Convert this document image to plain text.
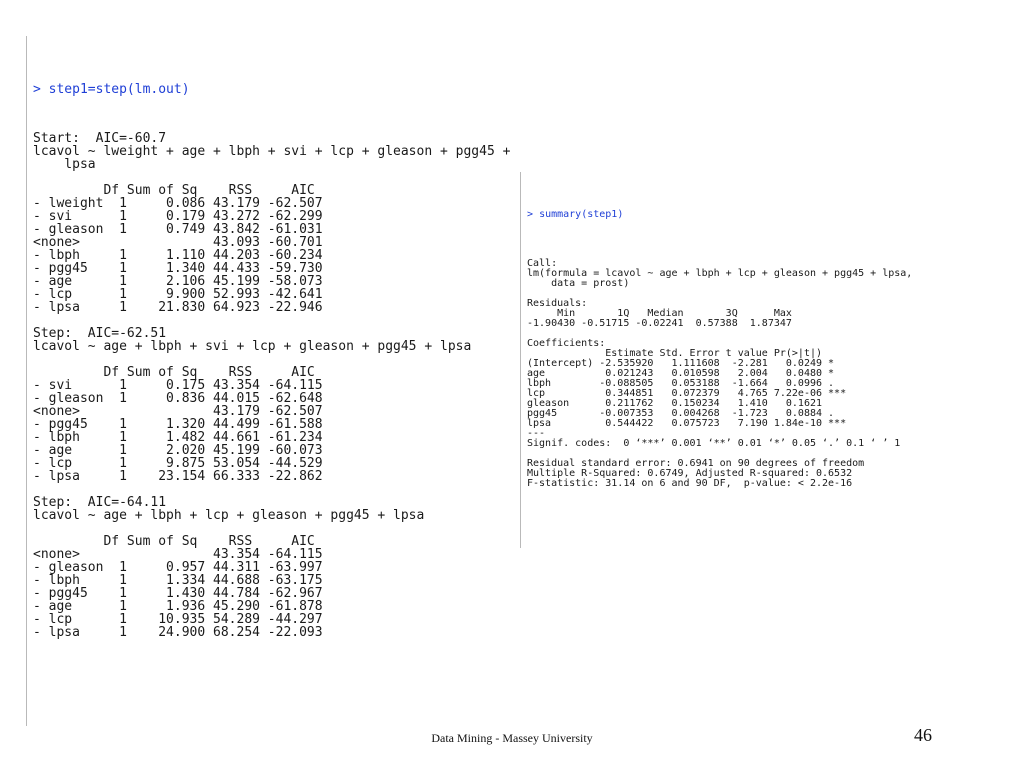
> step1=step(lm.out)

Start:  AIC=-60.7
lcavol ~ lweight + age + lbph + svi + lcp + gleason + pgg45 +
lpsa

Df Sum of Sq    RSS     AIC
- lweight  1     0.086 43.179 -62.507
- svi      1     0.179 43.272 -62.299
- gleason  1     0.749 43.842 -61.031
<none>                 43.093 -60.701
- lbph     1     1.110 44.203 -60.234
- pgg45    1     1.340 44.433 -59.730
- age      1     2.106 45.199 -58.073
- lcp      1     9.900 52.993 -42.641
- lpsa     1    21.830 64.923 -22.946

Step:  AIC=-62.51
lcavol ~ age + lbph + svi + lcp + gleason + pgg45 + lpsa

Df Sum of Sq    RSS     AIC
- svi      1     0.175 43.354 -64.115
- gleason  1     0.836 44.015 -62.648
<none>                 43.179 -62.507
- pgg45    1     1.320 44.499 -61.588
- lbph     1     1.482 44.661 -61.234
- age      1     2.020 45.199 -60.073
- lcp      1     9.875 53.054 -44.529
- lpsa     1    23.154 66.333 -22.862

Step:  AIC=-64.11
lcavol ~ age + lbph + lcp + gleason + pgg45 + lpsa

Df Sum of Sq    RSS     AIC
<none>                 43.354 -64.115
- gleason  1     0.957 44.311 -63.997
- lbph     1     1.334 44.688 -63.175
- pgg45    1     1.430 44.784 -62.967
- age      1     1.936 45.290 -61.878
- lcp      1    10.935 54.289 -44.297
- lpsa     1    24.900 68.254 -22.093

> summary(step1)

Call:
lm(formula = lcavol ~ age + lbph + lcp + gleason + pgg45 + lpsa,
data = prost)

Residuals:
Min       1Q   Median       3Q      Max
-1.90430 -0.51715 -0.02241  0.57388  1.87347

Coefficients:
Estimate Std. Error t value Pr(>|t|)
(Intercept) -2.535920   1.111608  -2.281   0.0249 *
age          0.021243   0.010598   2.004   0.0480 *
lbph        -0.088505   0.053188  -1.664   0.0996 .
lcp          0.344851   0.072379   4.765 7.22e-06 ***
gleason      0.211762   0.150234   1.410   0.1621
pgg45       -0.007353   0.004268  -1.723   0.0884 .
lpsa         0.544422   0.075723   7.190 1.84e-10 ***
---
Signif. codes:  0 ‘***’ 0.001 ‘**’ 0.01 ‘*’ 0.05 ‘.’ 0.1 ‘ ’ 1

Residual standard error: 0.6941 on 90 degrees of freedom
Multiple R-Squared: 0.6749, Adjusted R-squared: 0.6532
F-statistic: 31.14 on 6 and 90 DF,  p-value: < 2.2e-16

Data Mining - Massey University	46
